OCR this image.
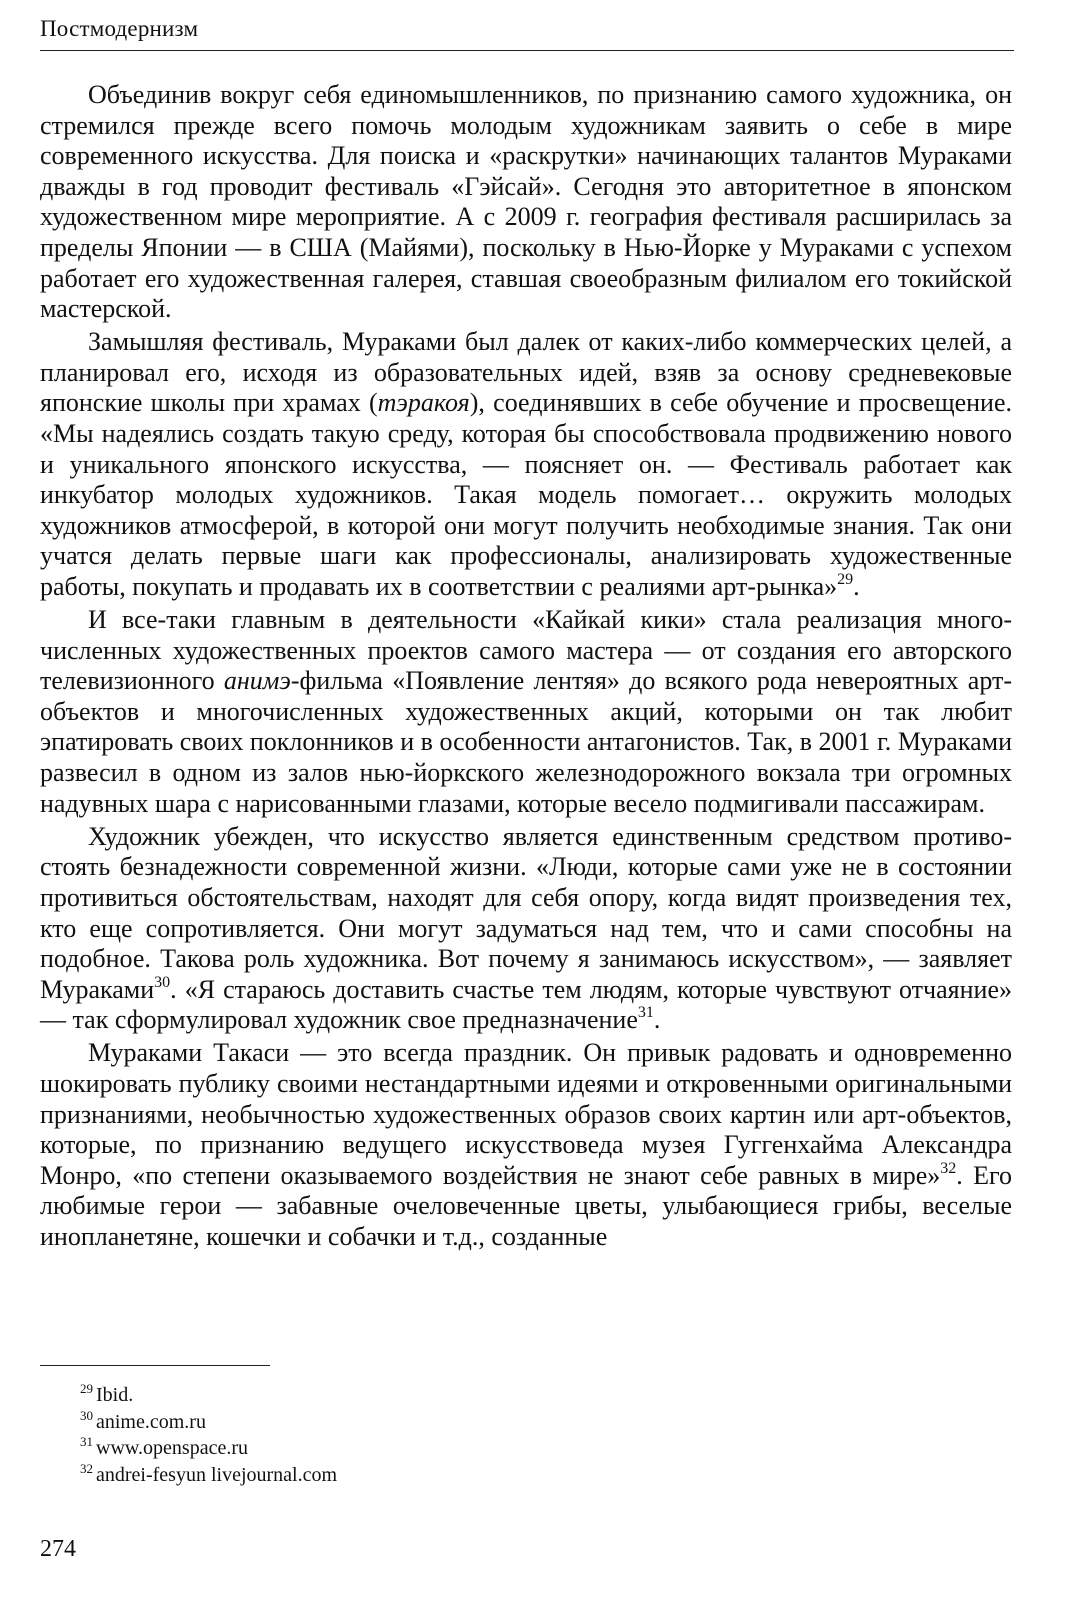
Постмодернизм

Объединив вокруг себя единомышленников, по признанию самого художника, он стремился прежде всего помочь молодым художникам заявить о себе в мире современного искусства. Для поиска и «раскрутки» начинающих талантов Мураками дважды в год проводит фестиваль «Гэйсай». Сегодня это авторитетное в японском художественном мире мероприятие. А с 2009 г. география фестиваля расширилась за пределы Японии — в США (Майями), поскольку в Нью-Йорке у Мураками с успехом работает его художественная галерея, ставшая своеобразным филиалом его токийской мастерской.

Замышляя фестиваль, Мураками был далек от каких-либо коммерческих целей, а планировал его, исходя из образовательных идей, взяв за основу средневековые японские школы при храмах (тэракоя), соединявших в себе обучение и просвещение. «Мы надеялись создать такую среду, которая бы способствовала продвижению нового и уникального японского искусства, — поясняет он. — Фестиваль работает как инкубатор молодых художников. Такая модель помогает… окружить молодых художников атмосферой, в которой они могут получить необходимые знания. Так они учатся делать первые шаги как профессионалы, анализировать художественные работы, покупать и продавать их в соответствии с реалиями арт-рынка»$^{29}$.

И все-таки главным в деятельности «Кайкай кики» стала реализация многочисленных художественных проектов самого мастера — от создания его авторского телевизионного анимэ-фильма «Появление лентяя» до всякого рода невероятных арт-объектов и многочисленных художественных акций, которыми он так любит эпатировать своих поклонников и в особенности антагонистов. Так, в 2001 г. Мураками развесил в одном из залов нью-йоркского железнодорожного вокзала три огромных надувных шара с нарисованными глазами, которые весело подмигивали пассажирам.

Художник убежден, что искусство является единственным средством противостоять безнадежности современной жизни. «Люди, которые сами уже не в состоянии противиться обстоятельствам, находят для себя опору, когда видят произведения тех, кто еще сопротивляется. Они могут задуматься над тем, что и сами способны на подобное. Такова роль художника. Вот почему я занимаюсь искусством», — заявляет Мураками$^{30}$. «Я стараюсь доставить счастье тем людям, которые чувствуют отчаяние» — так сформулировал художник свое предназначение$^{31}$.

Мураками Такаси — это всегда праздник. Он привык радовать и одновременно шокировать публику своими нестандартными идеями и откровенными оригинальными признаниями, необычностью художественных образов своих картин или арт-объектов, которые, по признанию ведущего искусствоведа музея Гуггенхайма Александра Монро, «по степени оказываемого воздействия не знают себе равных в мире»$^{32}$. Его любимые герои — забавные очеловеченные цветы, улыбающиеся грибы, веселые инопланетяне, кошечки и собачки и т.д., созданные

$^{29}$ Ibid.
$^{30}$ anime.com.ru
$^{31}$ www.openspace.ru
$^{32}$ andrei-fesyun livejournal.com
274
